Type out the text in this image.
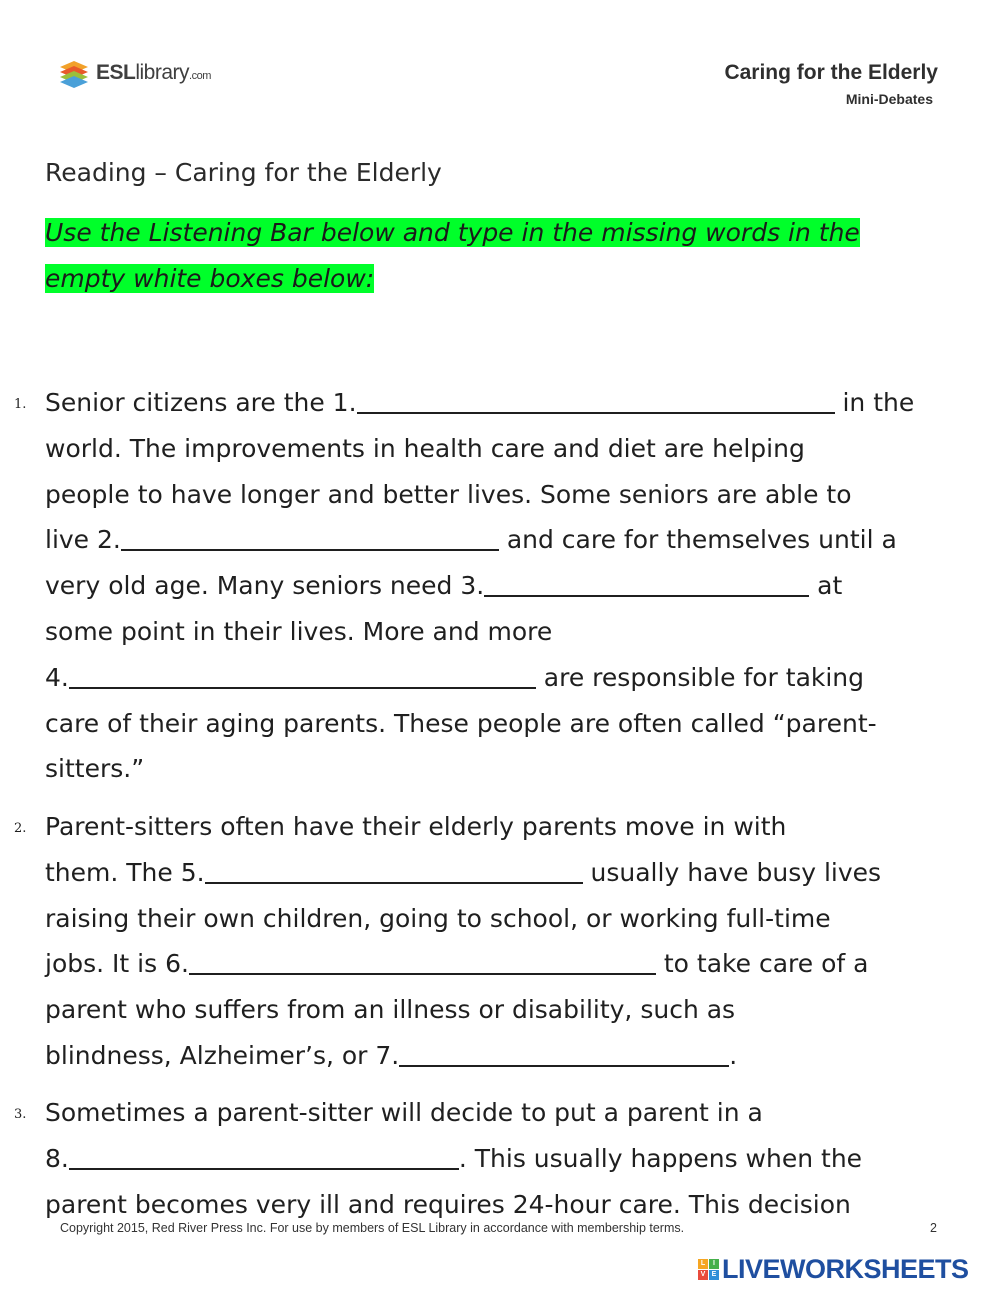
ESLlibrary.com	Caring for the Elderly
Mini-Debates
Reading – Caring for the Elderly
Use the Listening Bar below and type in the missing words in the
empty white boxes below:
1. Senior citizens are the 1.	in the
world. The improvements in health care and diet are helping
people to have longer and better lives. Some seniors are able to
live 2.	and care for themselves until a
very old age. Many seniors need 3.	at
some point in their lives. More and more
4.	are responsible for taking
care of their aging parents. These people are often called “parent-
sitters.”
2. Parent-sitters often have their elderly parents move in with
them. The 5.	usually have busy lives
raising their own children, going to school, or working full-time
jobs. It is 6.	to take care of a
parent who suffers from an illness or disability, such as
blindness, Alzheimer’s, or 7.	.
3. Sometimes a parent-sitter will decide to put a parent in a
8.	. This usually happens when the
parent becomes very ill and requires 24-hour care. This decision
Copyright 2015, Red River Press Inc. For use by members of ESL Library in accordance with membership terms.	2
L	I
V E LIVEWORKSHEETS
